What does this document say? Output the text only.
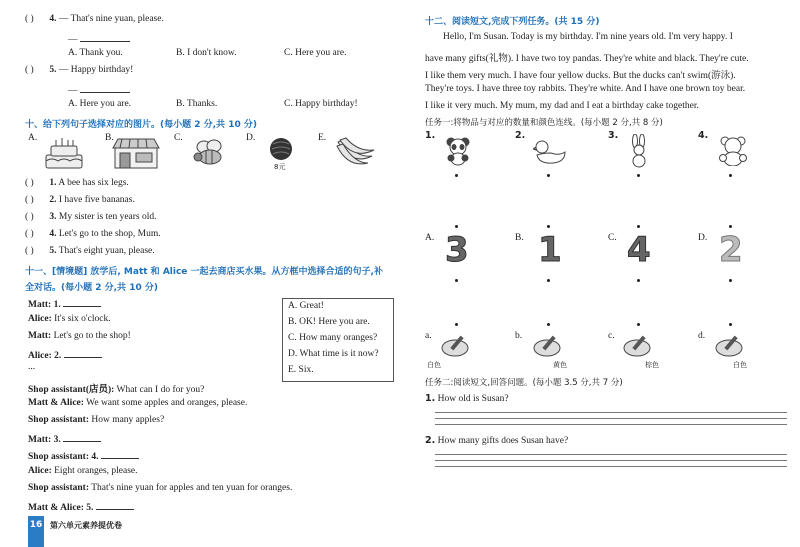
( ) 4. — That's nine yuan, please.
—
A. Thank you.	B. I don't know.	C. Here you are.
( ) 5. — Happy birthday!
—
A. Here you are.	B. Thanks.	C. Happy birthday!
十、给下列句子选择对应的图片。(每小题 2 分,共 10 分)
A.	B.	C.	D.	E.
8元
( ) 1. A bee has six legs.
( ) 2. I have five bananas.
( ) 3. My sister is ten years old.
( ) 4. Let's go to the shop, Mum.
( ) 5. That's eight yuan, please.
十一、[情境题] 放学后, Matt 和 Alice 一起去商店买水果。从方框中选择合适的句子,补
全对话。(每小题 2 分,共 10 分)
Matt: 1.
Alice: It's six o'clock.
Matt: Let's go to the shop!
Alice: 2.
...
Shop assistant(店员): What can I do for you?
Matt & Alice: We want some apples and oranges, please.
Shop assistant: How many apples?
Matt: 3.
Shop assistant: 4.
Alice: Eight oranges, please.
Shop assistant: That's nine yuan for apples and ten yuan for oranges.
Matt & Alice: 5.
A. Great!
B. OK! Here you are.
C. How many oranges?
D. What time is it now?
E. Six.
16 第六单元素养提优卷
十二、阅读短文,完成下列任务。(共 15 分)
Hello, I'm Susan. Today is my birthday. I'm nine years old. I'm very happy. I
have many gifts(礼物). I have two toy pandas. They're white and black. They're cute.
I like them very much. I have four yellow ducks. But the ducks can't swim(游泳).
They're toys. I have three toy rabbits. They're white. And I have one brown toy bear.
I like it very much. My mum, my dad and I eat a birthday cake together.
任务一:将物品与对应的数量和颜色连线。(每小题 2 分,共 8 分)
1.	2.	3.	4.
A.	B.	C.	D.
3 1 4 2
a.	b.	c.	d.
白色	黄色	棕色	白色
任务二:阅读短文,回答问题。(每小题 3.5 分,共 7 分)
1. How old is Susan?
2. How many gifts does Susan have?
